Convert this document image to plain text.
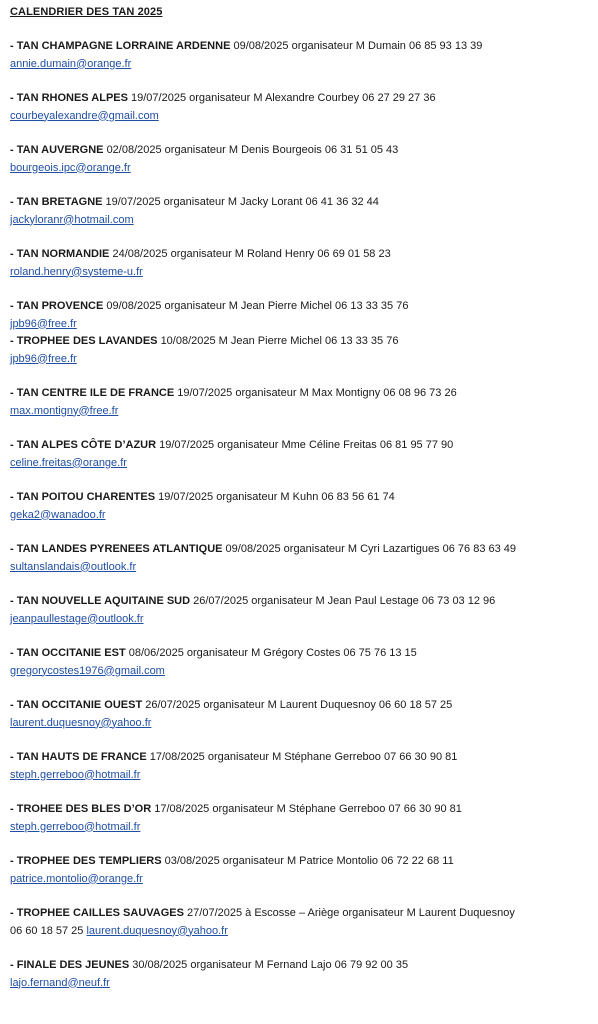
CALENDRIER DES TAN 2025
- TAN CHAMPAGNE LORRAINE ARDENNE 09/08/2025 organisateur M Dumain 06 85 93 13 39
annie.dumain@orange.fr
- TAN RHONES ALPES 19/07/2025 organisateur M Alexandre Courbey 06 27 29 27 36
courbeyalexandre@gmail.com
- TAN AUVERGNE 02/08/2025 organisateur M Denis Bourgeois 06 31 51 05 43
bourgeois.ipc@orange.fr
- TAN BRETAGNE 19/07/2025 organisateur M Jacky Lorant 06 41 36 32 44
jackyloranr@hotmail.com
- TAN NORMANDIE 24/08/2025 organisateur M Roland Henry 06 69 01 58 23
roland.henry@systeme-u.fr
- TAN PROVENCE 09/08/2025 organisateur M Jean Pierre Michel 06 13 33 35 76
jpb96@free.fr
- TROPHEE DES LAVANDES 10/08/2025 M Jean Pierre Michel 06 13 33 35 76
jpb96@free.fr
- TAN CENTRE ILE DE FRANCE 19/07/2025 organisateur M Max Montigny 06 08 96 73 26
max.montigny@free.fr
- TAN ALPES CÔTE D’AZUR 19/07/2025 organisateur Mme Céline Freitas 06 81 95 77 90
celine.freitas@orange.fr
- TAN POITOU CHARENTES 19/07/2025 organisateur M Kuhn 06 83 56 61 74
geka2@wanadoo.fr
- TAN LANDES PYRENEES ATLANTIQUE 09/08/2025 organisateur M Cyri Lazartigues 06 76 83 63 49
sultanslandais@outlook.fr
- TAN NOUVELLE AQUITAINE SUD 26/07/2025 organisateur M Jean Paul Lestage 06 73 03 12 96
jeanpaullestage@outlook.fr
- TAN OCCITANIE EST 08/06/2025 organisateur M Grégory Costes 06 75 76 13 15
gregorycostes1976@gmail.com
- TAN OCCITANIE OUEST 26/07/2025 organisateur M Laurent Duquesnoy 06 60 18 57 25
laurent.duquesnoy@yahoo.fr
- TAN HAUTS DE FRANCE 17/08/2025 organisateur M Stéphane Gerreboo 07 66 30 90 81
steph.gerreboo@hotmail.fr
- TROHEE DES BLES D’OR 17/08/2025 organisateur M Stéphane Gerreboo 07 66 30 90 81
steph.gerreboo@hotmail.fr
- TROPHEE DES TEMPLIERS 03/08/2025 organisateur M Patrice Montolio 06 72 22 68 11
patrice.montolio@orange.fr
- TROPHEE CAILLES SAUVAGES 27/07/2025 à Escosse – Ariège organisateur M Laurent Duquesnoy
06 60 18 57 25 laurent.duquesnoy@yahoo.fr
- FINALE DES JEUNES 30/08/2025 organisateur M Fernand Lajo 06 79 92 00 35
lajo.fernand@neuf.fr
